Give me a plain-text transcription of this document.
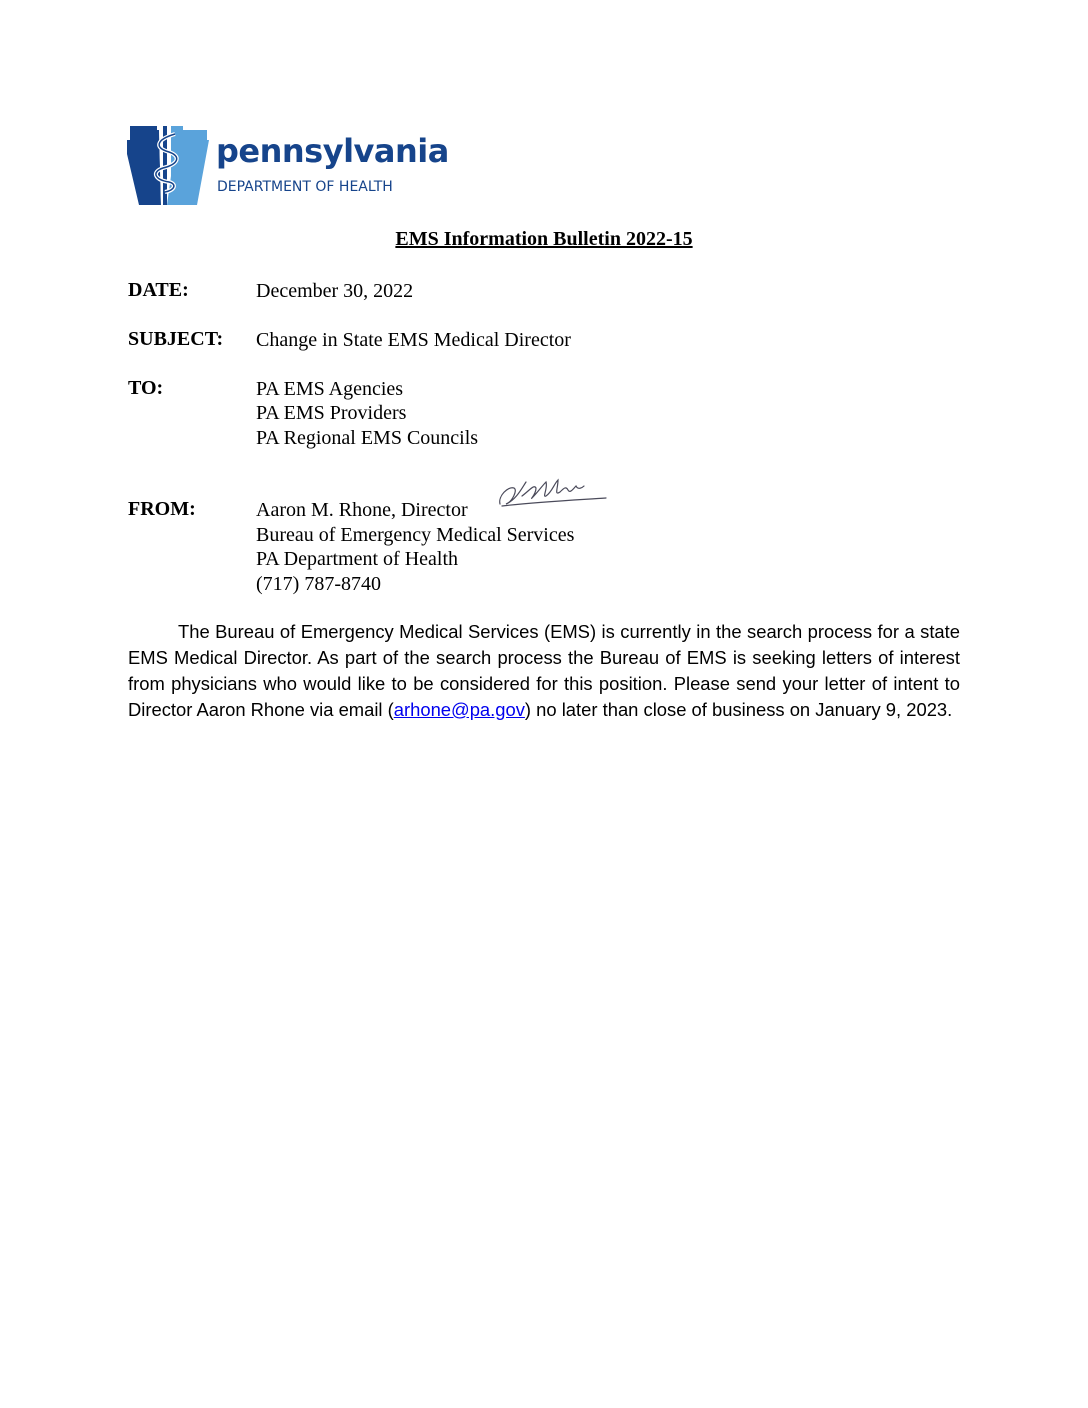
pennsylvania
DEPARTMENT OF HEALTH
EMS Information Bulletin 2022-15
DATE:	December 30, 2022
SUBJECT: Change in State EMS Medical Director
TO:	PA EMS Agencies
PA EMS Providers
PA Regional EMS Councils
FROM:	Aaron M. Rhone, Director
Bureau of Emergency Medical Services
PA Department of Health
(717) 787-8740
The Bureau of Emergency Medical Services (EMS) is currently in the search process for a state EMS Medical Director. As part of the search process the Bureau of EMS is seeking letters of interest from physicians who would like to be considered for this position. Please send your letter of intent to Director Aaron Rhone via email (arhone@pa.gov) no later than close of business on January 9, 2023.
